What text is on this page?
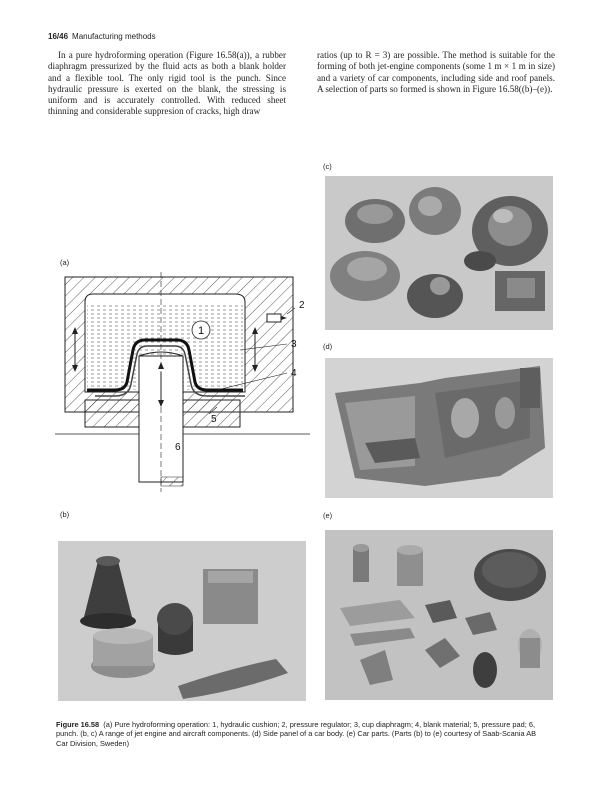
16/46 Manufacturing methods

In a pure hydroforming operation (Figure 16.58(a)), a rubber diaphragm pressurized by the fluid acts as both a blank holder and a flexible tool. The only rigid tool is the punch. Since hydraulic pressure is exerted on the blank, the stressing is uniform and is accurately controlled. With reduced sheet thinning and considerable suppresion of cracks, high draw

ratios (up to R = 3) are possible. The method is suitable for the forming of both jet-engine components (some 1 m × 1 m in size) and a variety of car components, including side and roof panels. A selection of parts so formed is shown in Figure 16.58((b)–(e)).

(c)
(a)
(d)
(b)	(e)
1
2
3
4
5
6
Figure 16.58 (a) Pure hydroforming operation: 1, hydraulic cushion; 2, pressure regulator; 3, cup diaphragm; 4, blank material; 5, pressure pad; 6, punch. (b, c) A range of jet engine and aircraft components. (d) Side panel of a car body. (e) Car parts. (Parts (b) to (e) courtesy of Saab-Scania AB Car Division, Sweden)
